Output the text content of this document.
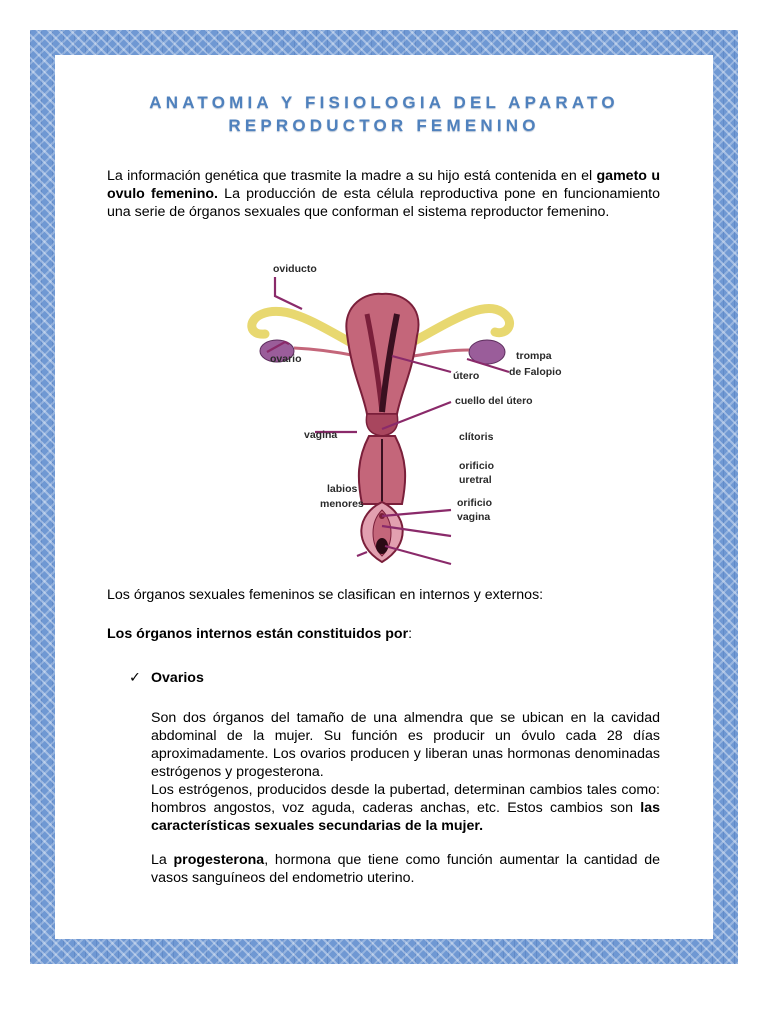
ANATOMIA Y FISIOLOGIA DEL APARATO
REPRODUCTOR FEMENINO

La información genética que trasmite la madre a su hijo está contenida en el gameto u ovulo femenino. La producción de esta célula reproductiva pone en funcionamiento una serie de órganos sexuales que conforman el sistema reproductor femenino.

oviducto
ovario	trompa
de Falopio
útero
cuello del útero
vagina	clítoris
orificio
uretral
labios
menores	orificio
vagina

Los órganos sexuales femeninos se clasifican en internos y externos:

Los órganos internos están constituidos por:

✓ Ovarios

Son dos órganos del tamaño de una almendra que se ubican en la cavidad abdominal de la mujer. Su función es producir un óvulo cada 28 días aproximadamente. Los ovarios producen y liberan unas hormonas denominadas estrógenos y progesterona.
Los estrógenos, producidos desde la pubertad, determinan cambios tales como: hombros angostos, voz aguda, caderas anchas, etc. Estos cambios son las características sexuales secundarias de la mujer.

La progesterona, hormona que tiene como función aumentar la cantidad de vasos sanguíneos del endometrio uterino.
